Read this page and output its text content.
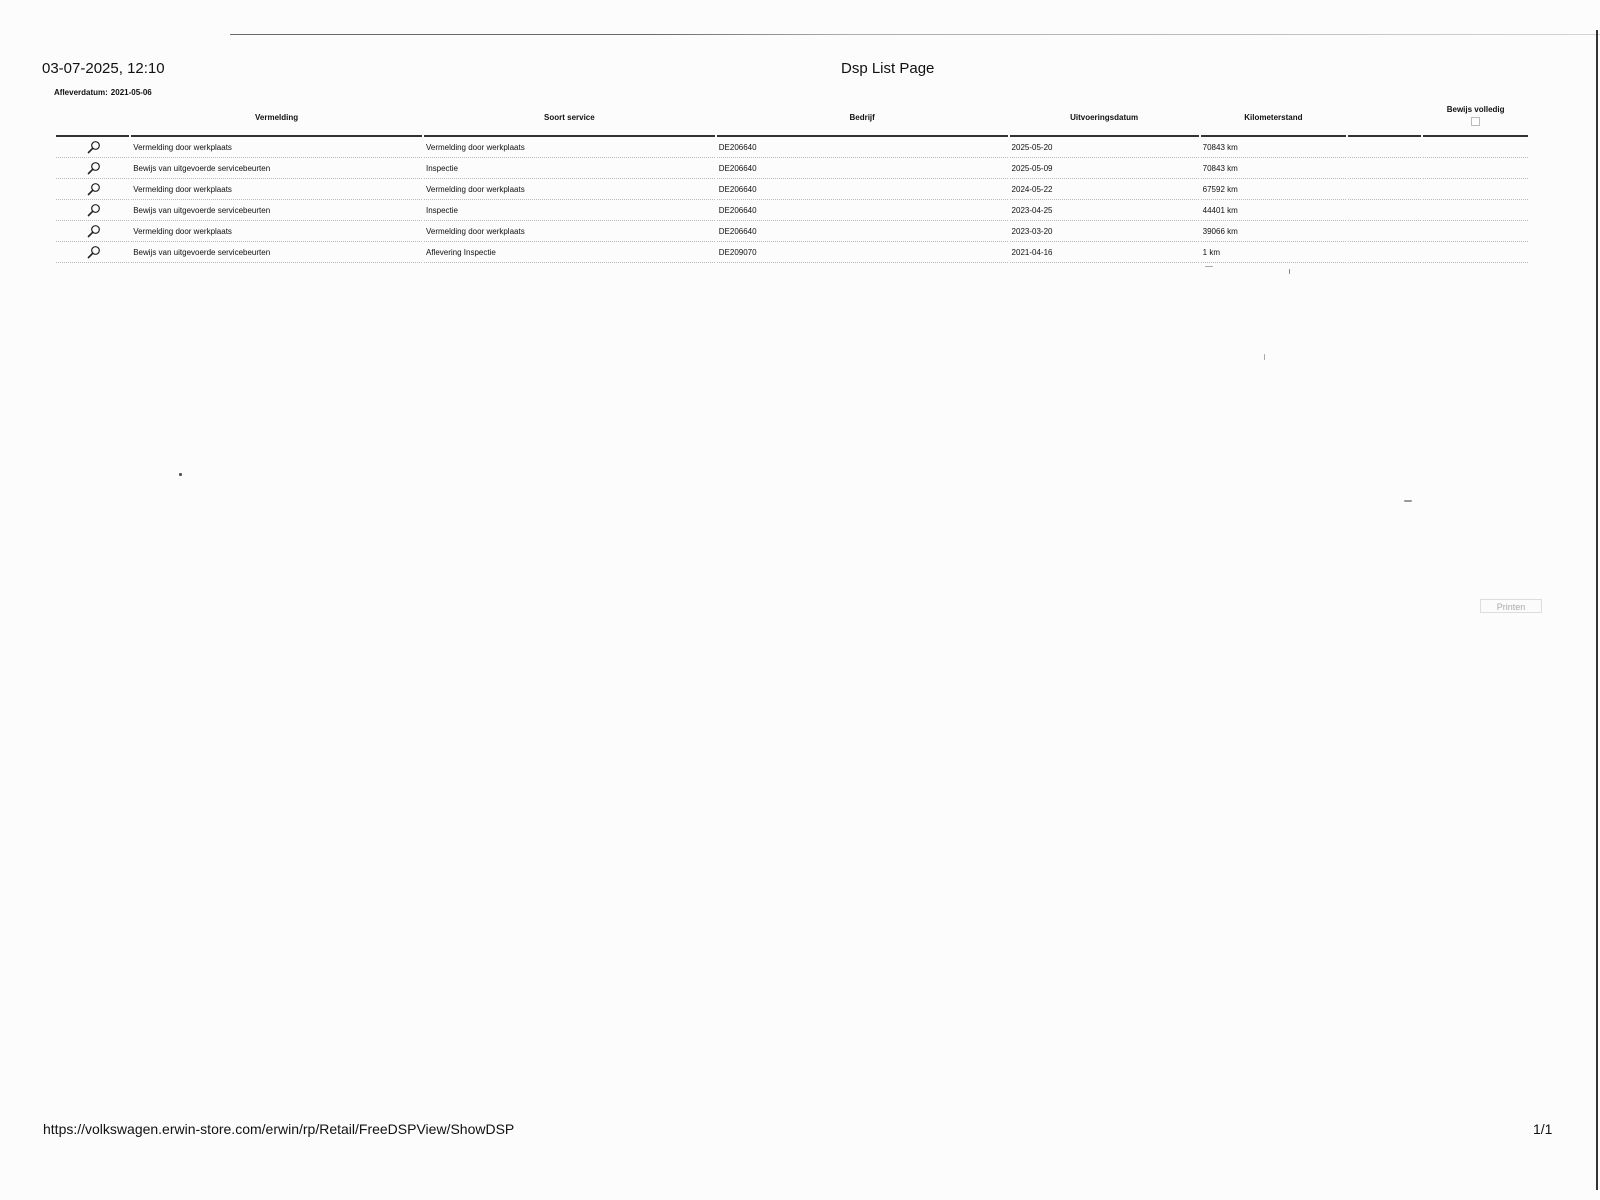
03-07-2025, 12:10	Dsp List Page
Afleverdatum: 2021-05-06
	Vermelding	Soort service	Bedrijf	Uitvoeringsdatum	Kilometerstand		Bewijs volledig

	Vermelding door werkplaats	Vermelding door werkplaats	DE206640	2025-05-20	70843 km		
	Bewijs van uitgevoerde servicebeurten	Inspectie	DE206640	2025-05-09	70843 km		
	Vermelding door werkplaats	Vermelding door werkplaats	DE206640	2024-05-22	67592 km		
	Bewijs van uitgevoerde servicebeurten	Inspectie	DE206640	2023-04-25	44401 km		
	Vermelding door werkplaats	Vermelding door werkplaats	DE206640	2023-03-20	39066 km		
	Bewijs van uitgevoerde servicebeurten	Aflevering Inspectie	DE209070	2021-04-16	1 km		
Printen
https://volkswagen.erwin-store.com/erwin/rp/Retail/FreeDSPView/ShowDSP	1/1
